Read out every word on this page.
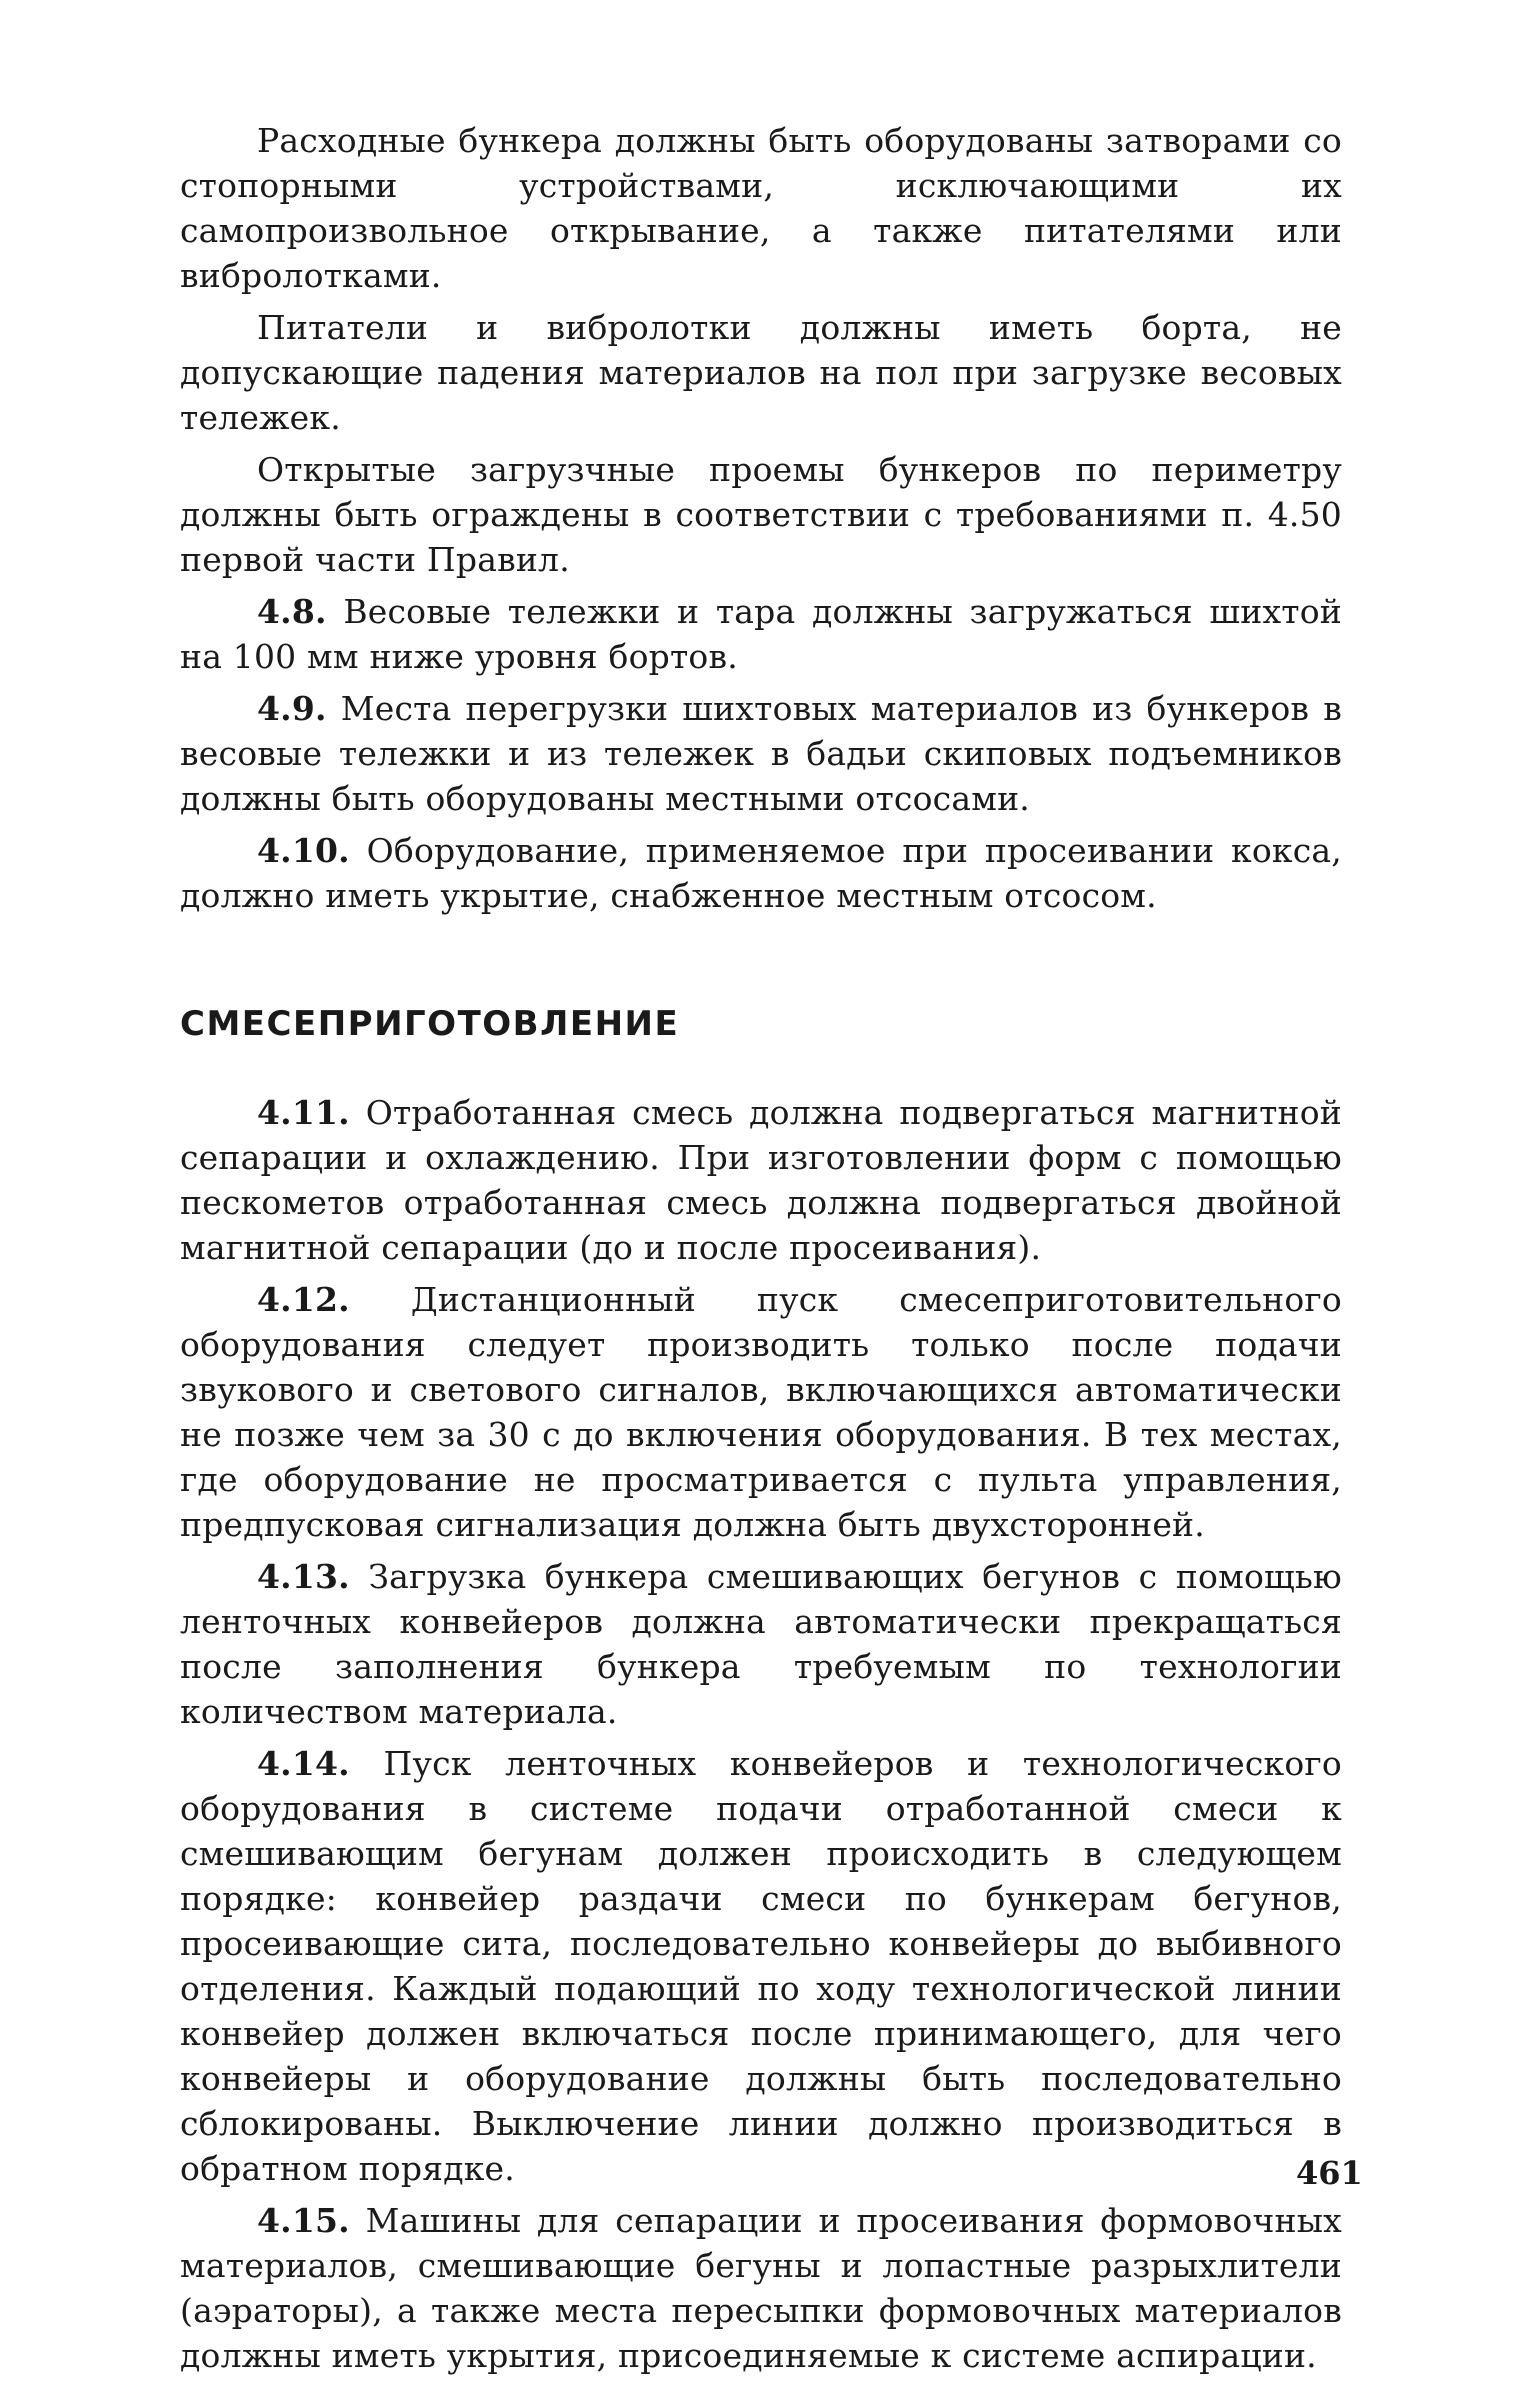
Расходные бункера должны быть оборудованы затворами со стопорными устройствами, исключающими их самопроизвольное открывание, а также питателями или вибролотками.

Питатели и вибролотки должны иметь борта, не допускающие падения материалов на пол при загрузке весовых тележек.

Открытые загрузчные проемы бункеров по периметру должны быть ограждены в соответствии с требованиями п. 4.50 первой части Правил.

4.8. Весовые тележки и тара должны загружаться шихтой на 100 мм ниже уровня бортов.

4.9. Места перегрузки шихтовых материалов из бункеров в весовые тележки и из тележек в бадьи скиповых подъемников должны быть оборудованы местными отсосами.

4.10. Оборудование, применяемое при просеивании кокса, должно иметь укрытие, снабженное местным отсосом.

СМЕСЕПРИГОТОВЛЕНИЕ

4.11. Отработанная смесь должна подвергаться магнитной сепарации и охлаждению. При изготовлении форм с помощью пескометов отработанная смесь должна подвергаться двойной магнитной сепарации (до и после просеивания).

4.12. Дистанционный пуск смесеприготовительного оборудования следует производить только после подачи звукового и светового сигналов, включающихся автоматически не позже чем за 30 с до включения оборудования. В тех местах, где оборудование не просматривается с пульта управления, предпусковая сигнализация должна быть двухсторонней.

4.13. Загрузка бункера смешивающих бегунов с помощью ленточных конвейеров должна автоматически прекращаться после заполнения бункера требуемым по технологии количеством материала.

4.14. Пуск ленточных конвейеров и технологического оборудования в системе подачи отработанной смеси к смешивающим бегунам должен происходить в следующем порядке: конвейер раздачи смеси по бункерам бегунов, просеивающие сита, последовательно конвейеры до выбивного отделения. Каждый подающий по ходу технологической линии конвейер должен включаться после принимающего, для чего конвейеры и оборудование должны быть последовательно сблокированы. Выключение линии должно производиться в обратном порядке.

4.15. Машины для сепарации и просеивания формовочных материалов, смешивающие бегуны и лопастные разрыхлители (аэраторы), а также места пересыпки формовочных материалов должны иметь укрытия, присоединяемые к системе аспирации.

461
